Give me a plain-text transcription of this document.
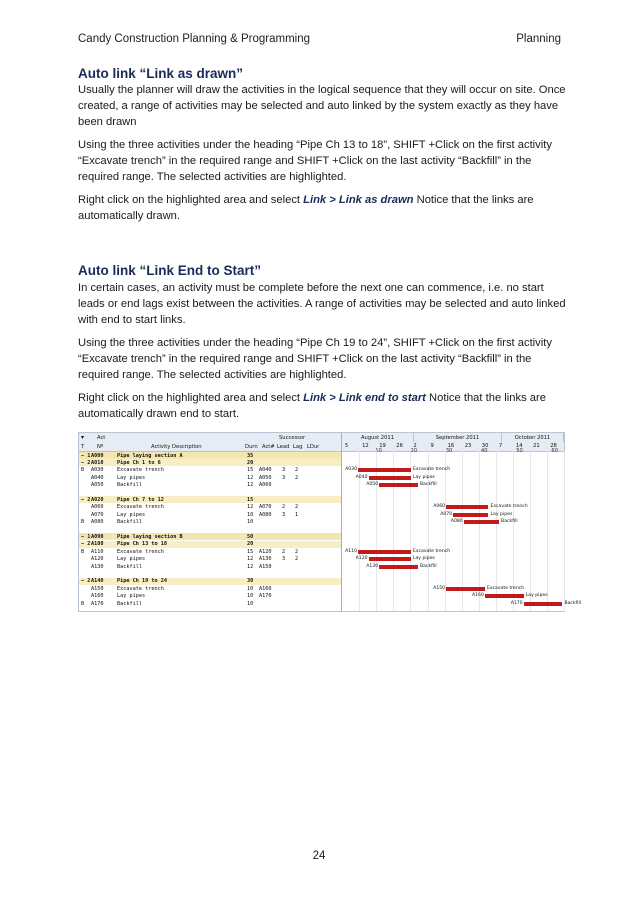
Candy Construction Planning & Programming	Planning
Auto link “Link as drawn”
Usually the planner will draw the activities in the logical sequence that they will occur on site. Once created, a range of activities may be selected and auto linked by the system exactly as they have been drawn
Using the three activities under the heading “Pipe Ch 13 to 18”, SHIFT +Click on the first activity “Excavate trench” in the required range and SHIFT +Click on the last activity “Backfill” in the required range. The selected activities are highlighted.
Right click on the highlighted area and select Link > Link as drawn Notice that the links are automatically drawn.
Auto link “Link End to Start”
In certain cases, an activity must be complete before the next one can commence, i.e. no start leads or end lags exist between the activities. A range of activities may be selected and auto linked with end to start links.
Using the three activities under the heading “Pipe Ch 19 to 24”, SHIFT +Click on the first activity “Excavate trench” in the required range and SHIFT +Click on the last activity “Backfill” in the required range. The selected activities are highlighted.
Right click on the highlighted area and select Link > Link end to start Notice that the links are automatically drawn end to start.
▾ Act	Successor
T Nº	Activity Description	Durn Act# Lead Lag LDur
− 1 A000	Pipe laying section A	35
− 2 A010	Pipe Ch 1 to 6	20
B A030	Excavate trench	15 A040 3 2
A040	Lay pipes	12 A050 3 2
A050	Backfill	12 A060
− 2 A020	Pipe Ch 7 to 12	15
A060	Excavate trench	12 A070 2 2
A070	Lay pipes	10 A080 3 1
B A080	Backfill	10
− 1 A090	Pipe laying section B	50
− 2 A100	Pipe Ch 13 to 18	20
B A110	Excavate trench	15 A120 2 2
A120	Lay pipes	12 A130 3 2
A130	Backfill	12 A150
− 2 A140	Pipe Ch 19 to 24	30
A150	Excavate trench	10 A160
A160	Lay pipes	10 A170
B A170	Backfill	10
August 2011	September 2011	October 2011
5	12 19 26 2	9	16 23 30 7	14 21 28
10	20	30	40	50	60
A030	Excavate trench
A040	Lay pipes
A050	Backfill
A060	Excavate trench
A070	Lay pipes
A080	Backfill
A110	Excavate trench
A120	Lay pipes
A130	Backfill
A150	Excavate trench
A160	Lay pipes
A170	Backfill
24
